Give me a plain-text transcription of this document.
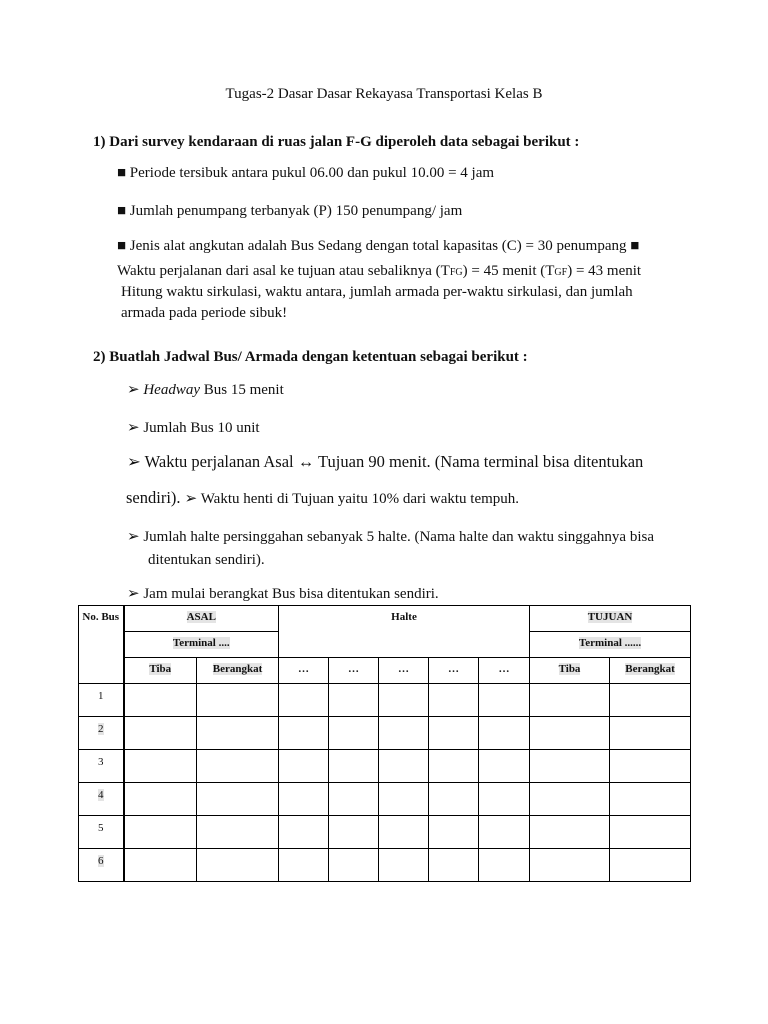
Tugas-2 Dasar Dasar Rekayasa Transportasi Kelas B
1) Dari survey kendaraan di ruas jalan F-G diperoleh data sebagai berikut :
■ Periode tersibuk antara pukul 06.00 dan pukul 10.00 = 4 jam
■ Jumlah penumpang terbanyak (P) 150 penumpang/ jam
■ Jenis alat angkutan adalah Bus Sedang dengan total kapasitas (C) = 30 penumpang ■
Waktu perjalanan dari asal ke tujuan atau sebaliknya (TFG) = 45 menit (TGF) = 43 menit
Hitung waktu sirkulasi, waktu antara, jumlah armada per-waktu sirkulasi, dan jumlah
armada pada periode sibuk!
2) Buatlah Jadwal Bus/ Armada dengan ketentuan sebagai berikut :
➢ Headway Bus 15 menit
➢ Jumlah Bus 10 unit
➢ Waktu perjalanan Asal ↔ Tujuan 90 menit. (Nama terminal bisa ditentukan
sendiri). ➢ Waktu henti di Tujuan yaitu 10% dari waktu tempuh.
➢ Jumlah halte persinggahan sebanyak 5 halte. (Nama halte dan waktu singgahnya bisa
ditentukan sendiri).
➢ Jam mulai berangkat Bus bisa ditentukan sendiri.
No. Bus	ASAL		Halte					TUJUAN	
	Terminal ....							Terminal ......	
	Tiba	Berangkat	…	…	…	…	…	Tiba	Berangkat
1									
2									
3									
4									
5									
6									
